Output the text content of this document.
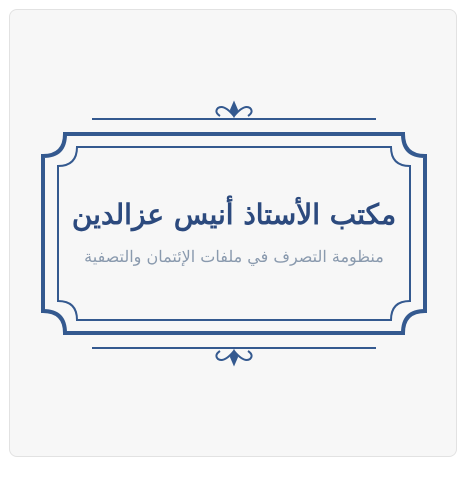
مكتب الأستاذ أنيس عزالدين
منظومة التصرف في ملفات الإئتمان والتصفية
